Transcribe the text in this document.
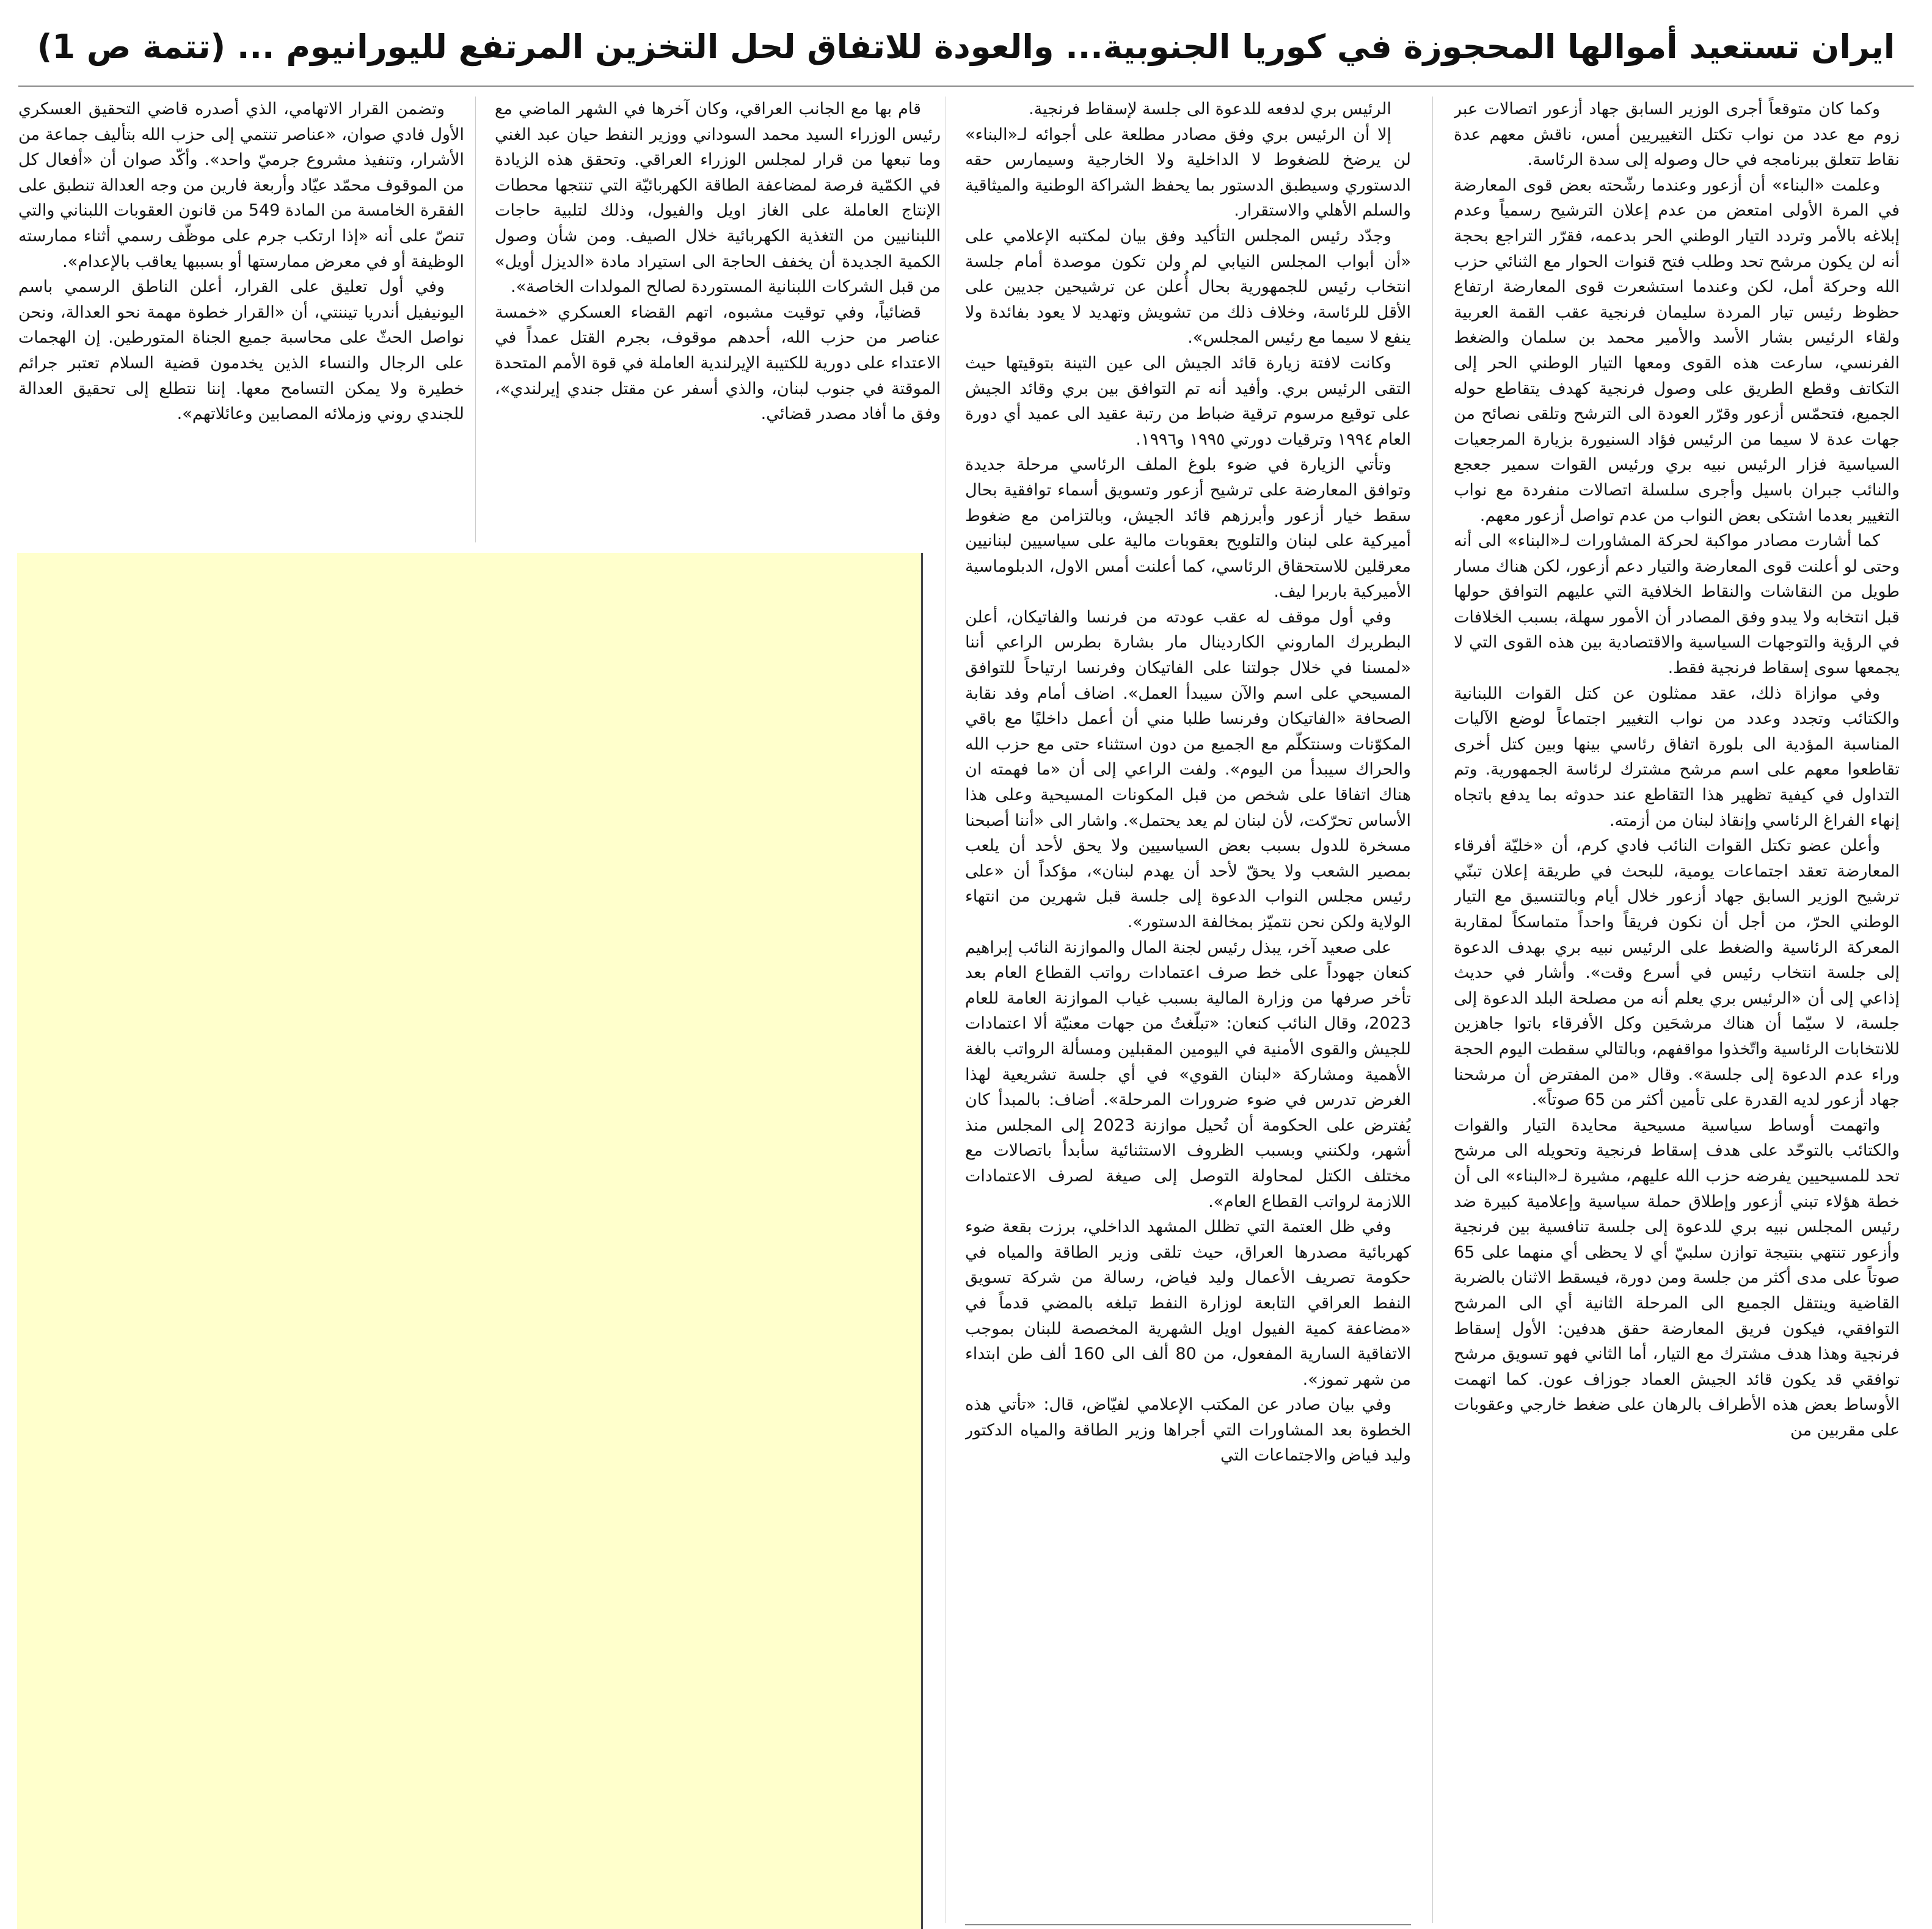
ايران تستعيد أموالها المحجوزة في كوريا الجنوبية... والعودة للاتفاق لحل التخزين المرتفع لليورانيوم ... (تتمة ص 1)

وكما كان متوقعاً أجرى الوزير السابق جهاد أزعور اتصالات عبر زوم مع عدد من نواب تكتل التغييريين أمس، ناقش معهم عدة نقاط تتعلق ببرنامجه في حال وصوله إلى سدة الرئاسة.

وعلمت «البناء» أن أزعور وعندما رشّحته بعض قوى المعارضة في المرة الأولى امتعض من عدم إعلان الترشيح رسمياً وعدم إبلاغه بالأمر وتردد التيار الوطني الحر بدعمه، فقرّر التراجع بحجة أنه لن يكون مرشح تحد وطلب فتح قنوات الحوار مع الثنائي حزب الله وحركة أمل، لكن وعندما استشعرت قوى المعارضة ارتفاع حظوظ رئيس تيار المردة سليمان فرنجية عقب القمة العربية ولقاء الرئيس بشار الأسد والأمير محمد بن سلمان والضغط الفرنسي، سارعت هذه القوى ومعها التيار الوطني الحر إلى التكاتف وقطع الطريق على وصول فرنجية كهدف يتقاطع حوله الجميع، فتحمّس أزعور وقرّر العودة الى الترشح وتلقى نصائح من جهات عدة لا سيما من الرئيس فؤاد السنيورة بزيارة المرجعيات السياسية فزار الرئيس نبيه بري ورئيس القوات سمير جعجع والنائب جبران باسيل وأجرى سلسلة اتصالات منفردة مع نواب التغيير بعدما اشتكى بعض النواب من عدم تواصل أزعور معهم.

كما أشارت مصادر مواكبة لحركة المشاورات لـ«البناء» الى أنه وحتى لو أعلنت قوى المعارضة والتيار دعم أزعور، لكن هناك مسار طويل من النقاشات والنقاط الخلافية التي عليهم التوافق حولها قبل انتخابه ولا يبدو وفق المصادر أن الأمور سهلة، بسبب الخلافات في الرؤية والتوجهات السياسية والاقتصادية بين هذه القوى التي لا يجمعها سوى إسقاط فرنجية فقط.

وفي موازاة ذلك، عقد ممثلون عن كتل القوات اللبنانية والكتائب وتجدد وعدد من نواب التغيير اجتماعاً لوضع الآليات المناسبة المؤدية الى بلورة اتفاق رئاسي بينها وبين كتل أخرى تقاطعوا معهم على اسم مرشح مشترك لرئاسة الجمهورية. وتم التداول في كيفية تظهير هذا التقاطع عند حدوثه بما يدفع باتجاه إنهاء الفراغ الرئاسي وإنقاذ لبنان من أزمته.

وأعلن عضو تكتل القوات النائب فادي كرم، أن «خليّة أفرقاء المعارضة تعقد اجتماعات يومية، للبحث في طريقة إعلان تبنّي ترشيح الوزير السابق جهاد أزعور خلال أيام وبالتنسيق مع التيار الوطني الحرّ، من أجل أن نكون فريقاً واحداً متماسكاً لمقاربة المعركة الرئاسية والضغط على الرئيس نبيه بري بهدف الدعوة إلى جلسة انتخاب رئيس في أسرع وقت». وأشار في حديث إذاعي إلى أن «الرئيس بري يعلم أنه من مصلحة البلد الدعوة إلى جلسة، لا سيّما أن هناك مرشحَين وكل الأفرقاء باتوا جاهزين للانتخابات الرئاسية واتّخذوا مواقفهم، وبالتالي سقطت اليوم الحجة وراء عدم الدعوة إلى جلسة». وقال «من المفترض أن مرشحنا جهاد أزعور لديه القدرة على تأمين أكثر من 65 صوتاً».

واتهمت أوساط سياسية مسيحية محايدة التيار والقوات والكتائب بالتوحّد على هدف إسقاط فرنجية وتحويله الى مرشح تحد للمسيحيين يفرضه حزب الله عليهم، مشيرة لـ«البناء» الى أن خطة هؤلاء تبني أزعور وإطلاق حملة سياسية وإعلامية كبيرة ضد رئيس المجلس نبيه بري للدعوة إلى جلسة تنافسية بين فرنجية وأزعور تنتهي بنتيجة توازن سلبيّ أي لا يحظى أي منهما على 65 صوتاً على مدى أكثر من جلسة ومن دورة، فيسقط الاثنان بالضربة القاضية وينتقل الجميع الى المرحلة الثانية أي الى المرشح التوافقي، فيكون فريق المعارضة حقق هدفين: الأول إسقاط فرنجية وهذا هدف مشترك مع التيار، أما الثاني فهو تسويق مرشح توافقي قد يكون قائد الجيش العماد جوزاف عون. كما اتهمت الأوساط بعض هذه الأطراف بالرهان على ضغط خارجي وعقوبات على مقربين من

الرئيس بري لدفعه للدعوة الى جلسة لإسقاط فرنجية.

إلا أن الرئيس بري وفق مصادر مطلعة على أجوائه لـ«البناء» لن يرضخ للضغوط لا الداخلية ولا الخارجية وسيمارس حقه الدستوري وسيطبق الدستور بما يحفظ الشراكة الوطنية والميثاقية والسلم الأهلي والاستقرار.

وجدّد رئيس المجلس التأكيد وفق بيان لمكتبه الإعلامي على «أن أبواب المجلس النيابي لم ولن تكون موصدة أمام جلسة انتخاب رئيس للجمهورية بحال أُعلن عن ترشيحين جديين على الأقل للرئاسة، وخلاف ذلك من تشويش وتهديد لا يعود بفائدة ولا ينفع لا سيما مع رئيس المجلس».

وكانت لافتة زيارة قائد الجيش الى عين التينة بتوقيتها حيث التقى الرئيس بري. وأفيد أنه تم التوافق بين بري وقائد الجيش على توقيع مرسوم ترقية ضباط من رتبة عقيد الى عميد أي دورة العام ١٩٩٤ وترقيات دورتي ١٩٩٥ و١٩٩٦.

وتأتي الزيارة في ضوء بلوغ الملف الرئاسي مرحلة جديدة وتوافق المعارضة على ترشيح أزعور وتسويق أسماء توافقية بحال سقط خيار أزعور وأبرزهم قائد الجيش، وبالتزامن مع ضغوط أميركية على لبنان والتلويح بعقوبات مالية على سياسيين لبنانيين معرقلين للاستحقاق الرئاسي، كما أعلنت أمس الاول، الدبلوماسية الأميركية باربرا ليف.

وفي أول موقف له عقب عودته من فرنسا والفاتيكان، أعلن البطريرك الماروني الكاردينال مار بشارة بطرس الراعي أننا «لمسنا في خلال جولتنا على الفاتيكان وفرنسا ارتياحاً للتوافق المسيحي على اسم والآن سيبدأ العمل». اضاف أمام وفد نقابة الصحافة «الفاتيكان وفرنسا طلبا مني أن أعمل داخليًا مع باقي المكوّنات وسنتكلّم مع الجميع من دون استثناء حتى مع حزب الله والحراك سيبدأ من اليوم». ولفت الراعي إلى أن «ما فهمته ان هناك اتفاقا على شخص من قبل المكونات المسيحية وعلى هذا الأساس تحرّكت، لأن لبنان لم يعد يحتمل». واشار الى «أننا أصبحنا مسخرة للدول بسبب بعض السياسيين ولا يحق لأحد أن يلعب بمصير الشعب ولا يحقّ لأحد أن يهدم لبنان»، مؤكداً أن «على رئيس مجلس النواب الدعوة إلى جلسة قبل شهرين من انتهاء الولاية ولكن نحن نتميّز بمخالفة الدستور».

على صعيد آخر، يبذل رئيس لجنة المال والموازنة النائب إبراهيم كنعان جهوداً على خط صرف اعتمادات رواتب القطاع العام بعد تأخر صرفها من وزارة المالية بسبب غياب الموازنة العامة للعام 2023، وقال النائب كنعان: «تبلّغتُ من جهات معنيّة ألا اعتمادات للجيش والقوى الأمنية في اليومين المقبلين ومسألة الرواتب بالغة الأهمية ومشاركة «لبنان القوي» في أي جلسة تشريعية لهذا الغرض تدرس في ضوء ضرورات المرحلة». أضاف: بالمبدأ كان يُفترض على الحكومة أن تُحيل موازنة 2023 إلى المجلس منذ أشهر، ولكنني وبسبب الظروف الاستثنائية سأبدأ باتصالات مع مختلف الكتل لمحاولة التوصل إلى صيغة لصرف الاعتمادات اللازمة لرواتب القطاع العام».

وفي ظل العتمة التي تظلل المشهد الداخلي، برزت بقعة ضوء كهربائية مصدرها العراق، حيث تلقى وزير الطاقة والمياه في حكومة تصريف الأعمال وليد فياض، رسالة من شركة تسويق النفط العراقي التابعة لوزارة النفط تبلغه بالمضي قدماً في «مضاعفة كمية الفيول اويل الشهرية المخصصة للبنان بموجب الاتفاقية السارية المفعول، من 80 ألف الى 160 ألف طن ابتداء من شهر تموز».

وفي بيان صادر عن المكتب الإعلامي لفيّاض، قال: «تأتي هذه الخطوة بعد المشاورات التي أجراها وزير الطاقة والمياه الدكتور وليد فياض والاجتماعات التي

قام بها مع الجانب العراقي، وكان آخرها في الشهر الماضي مع رئيس الوزراء السيد محمد السوداني ووزير النفط حيان عبد الغني وما تبعها من قرار لمجلس الوزراء العراقي. وتحقق هذه الزيادة في الكمّية فرصة لمضاعفة الطاقة الكهربائيّة التي تنتجها محطات الإنتاج العاملة على الغاز اويل والفيول، وذلك لتلبية حاجات اللبنانيين من التغذية الكهربائية خلال الصيف. ومن شأن وصول الكمية الجديدة أن يخفف الحاجة الى استيراد مادة «الديزل أويل» من قبل الشركات اللبنانية المستوردة لصالح المولدات الخاصة».

قضائياً، وفي توقيت مشبوه، اتهم القضاء العسكري «خمسة عناصر من حزب الله، أحدهم موقوف، بجرم القتل عمداً في الاعتداء على دورية للكتيبة الإيرلندية العاملة في قوة الأمم المتحدة الموقتة في جنوب لبنان، والذي أسفر عن مقتل جندي إيرلندي»، وفق ما أفاد مصدر قضائي.

وتضمن القرار الاتهامي، الذي أصدره قاضي التحقيق العسكري الأول فادي صوان، «عناصر تنتمي إلى حزب الله بتأليف جماعة من الأشرار، وتنفيذ مشروع جرميّ واحد». وأكّد صوان أن «أفعال كل من الموقوف محمّد عيّاد وأربعة فارين من وجه العدالة تنطبق على الفقرة الخامسة من المادة 549 من قانون العقوبات اللبناني والتي تنصّ على أنه «إذا ارتكب جرم على موظّف رسمي أثناء ممارسته الوظيفة أو في معرض ممارستها أو بسببها يعاقب بالإعدام».

وفي أول تعليق على القرار، أعلن الناطق الرسمي باسم اليونيفيل أندريا تيننتي، أن «القرار خطوة مهمة نحو العدالة، ونحن نواصل الحثّ على محاسبة جميع الجناة المتورطين. إن الهجمات على الرجال والنساء الذين يخدمون قضية السلام تعتبر جرائم خطيرة ولا يمكن التسامح معها. إننا نتطلع إلى تحقيق العدالة للجندي روني وزملائه المصابين وعائلاتهم».
